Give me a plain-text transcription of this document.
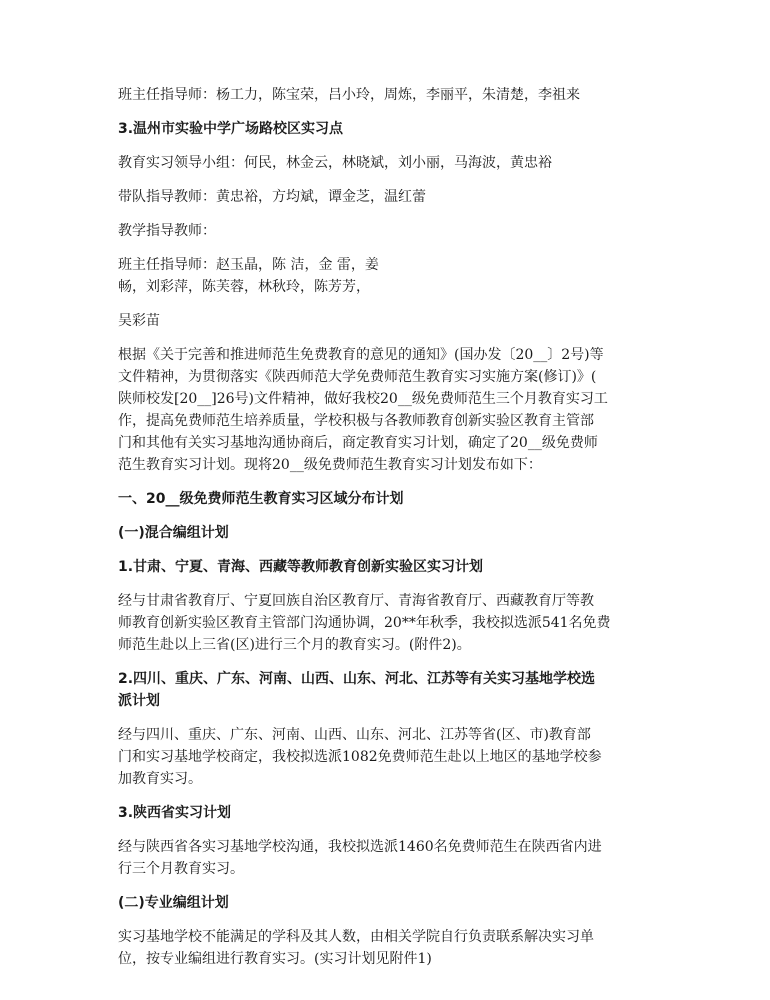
班主任指导师：杨工力，陈宝荣，吕小玲，周炼，李丽平，朱清楚，李祖来

3.温州市实验中学广场路校区实习点

教育实习领导小组：何民，林金云，林晓斌，刘小丽，马海波，黄忠裕

带队指导教师：黄忠裕，方均斌，谭金芝，温红蕾

教学指导教师：

班主任指导师：赵玉晶，陈 洁，金 雷，姜
畅，刘彩萍，陈芙蓉，林秋玲，陈芳芳，

吴彩苗

根据《关于完善和推进师范生免费教育的意见的通知》(国办发〔20__〕2号)等
文件精神，为贯彻落实《陕西师范大学免费师范生教育实习实施方案(修订)》(
陕师校发[20__]26号)文件精神，做好我校20__级免费师范生三个月教育实习工
作，提高免费师范生培养质量，学校积极与各教师教育创新实验区教育主管部
门和其他有关实习基地沟通协商后，商定教育实习计划，确定了20__级免费师
范生教育实习计划。现将20__级免费师范生教育实习计划发布如下：

一、20__级免费师范生教育实习区域分布计划

(一)混合编组计划

1.甘肃、宁夏、青海、西藏等教师教育创新实验区实习计划

经与甘肃省教育厅、宁夏回族自治区教育厅、青海省教育厅、西藏教育厅等教
师教育创新实验区教育主管部门沟通协调，20**年秋季，我校拟选派541名免费
师范生赴以上三省(区)进行三个月的教育实习。(附件2)。

2.四川、重庆、广东、河南、山西、山东、河北、江苏等有关实习基地学校选
派计划

经与四川、重庆、广东、河南、山西、山东、河北、江苏等省(区、市)教育部
门和实习基地学校商定，我校拟选派1082免费师范生赴以上地区的基地学校参
加教育实习。

3.陕西省实习计划

经与陕西省各实习基地学校沟通，我校拟选派1460名免费师范生在陕西省内进
行三个月教育实习。

(二)专业编组计划

实习基地学校不能满足的学科及其人数，由相关学院自行负责联系解决实习单
位，按专业编组进行教育实习。(实习计划见附件1)
